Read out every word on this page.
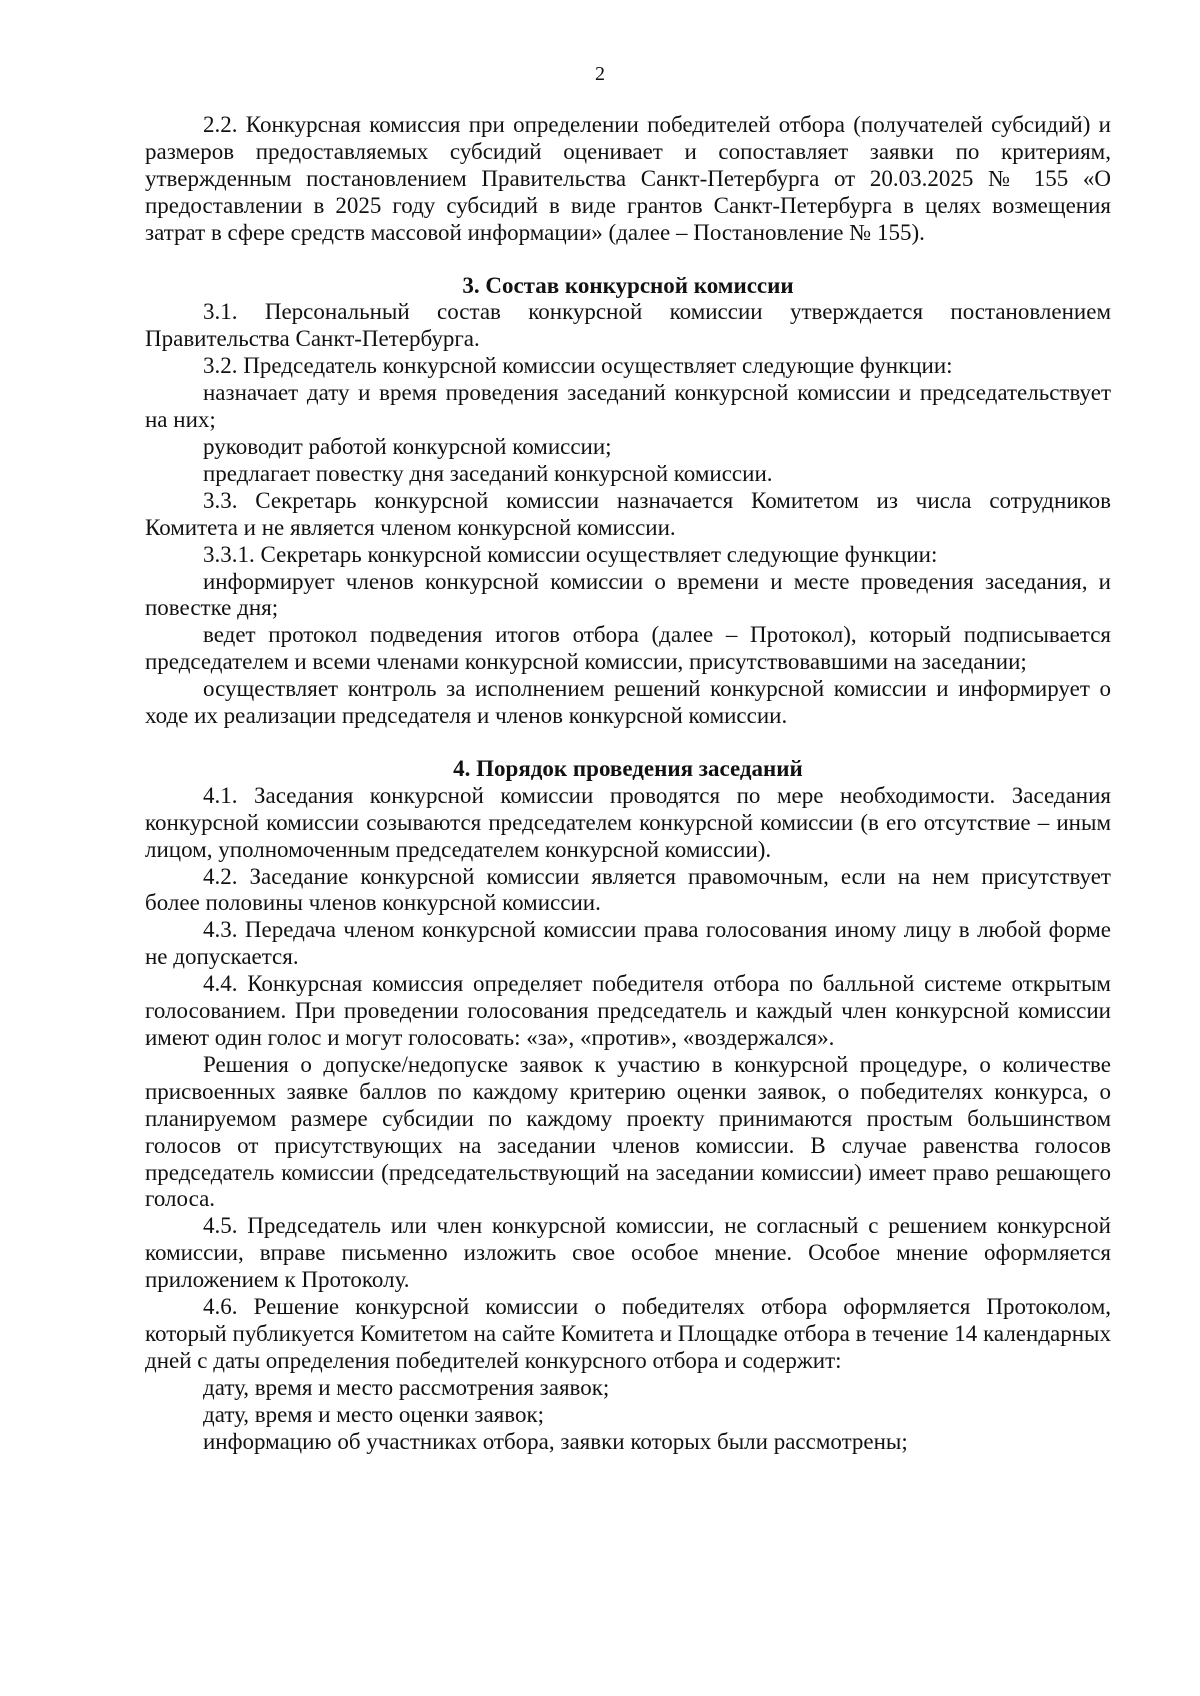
2

2.2. Конкурсная комиссия при определении победителей отбора (получателей субсидий) и размеров предоставляемых субсидий оценивает и сопоставляет заявки по критериям, утвержденным постановлением Правительства Санкт-Петербурга от 20.03.2025 № 155 «О предоставлении в 2025 году субсидий в виде грантов Санкт-Петербурга в целях возмещения затрат в сфере средств массовой информации» (далее – Постановление № 155).

3. Состав конкурсной комиссии

3.1. Персональный состав конкурсной комиссии утверждается постановлением Правительства Санкт-Петербурга.

3.2. Председатель конкурсной комиссии осуществляет следующие функции:

назначает дату и время проведения заседаний конкурсной комиссии и председательствует на них;

руководит работой конкурсной комиссии;

предлагает повестку дня заседаний конкурсной комиссии.

3.3. Секретарь конкурсной комиссии назначается Комитетом из числа сотрудников Комитета и не является членом конкурсной комиссии.

3.3.1. Секретарь конкурсной комиссии осуществляет следующие функции:

информирует членов конкурсной комиссии о времени и месте проведения заседания, и повестке дня;

ведет протокол подведения итогов отбора (далее – Протокол), который подписывается председателем и всеми членами конкурсной комиссии, присутствовавшими на заседании;

осуществляет контроль за исполнением решений конкурсной комиссии и информирует о ходе их реализации председателя и членов конкурсной комиссии.

4. Порядок проведения заседаний

4.1. Заседания конкурсной комиссии проводятся по мере необходимости. Заседания конкурсной комиссии созываются председателем конкурсной комиссии (в его отсутствие – иным лицом, уполномоченным председателем конкурсной комиссии).

4.2. Заседание конкурсной комиссии является правомочным, если на нем присутствует более половины членов конкурсной комиссии.

4.3. Передача членом конкурсной комиссии права голосования иному лицу в любой форме не допускается.

4.4. Конкурсная комиссия определяет победителя отбора по балльной системе открытым голосованием. При проведении голосования председатель и каждый член конкурсной комиссии имеют один голос и могут голосовать: «за», «против», «воздержался».

Решения о допуске/недопуске заявок к участию в конкурсной процедуре, о количестве присвоенных заявке баллов по каждому критерию оценки заявок, о победителях конкурса, о планируемом размере субсидии по каждому проекту принимаются простым большинством голосов от присутствующих на заседании членов комиссии. В случае равенства голосов председатель комиссии (председательствующий на заседании комиссии) имеет право решающего голоса.

4.5. Председатель или член конкурсной комиссии, не согласный с решением конкурсной комиссии, вправе письменно изложить свое особое мнение. Особое мнение оформляется приложением к Протоколу.

4.6. Решение конкурсной комиссии о победителях отбора оформляется Протоколом, который публикуется Комитетом на сайте Комитета и Площадке отбора в течение 14 календарных дней с даты определения победителей конкурсного отбора и содержит:

дату, время и место рассмотрения заявок;

дату, время и место оценки заявок;

информацию об участниках отбора, заявки которых были рассмотрены;
